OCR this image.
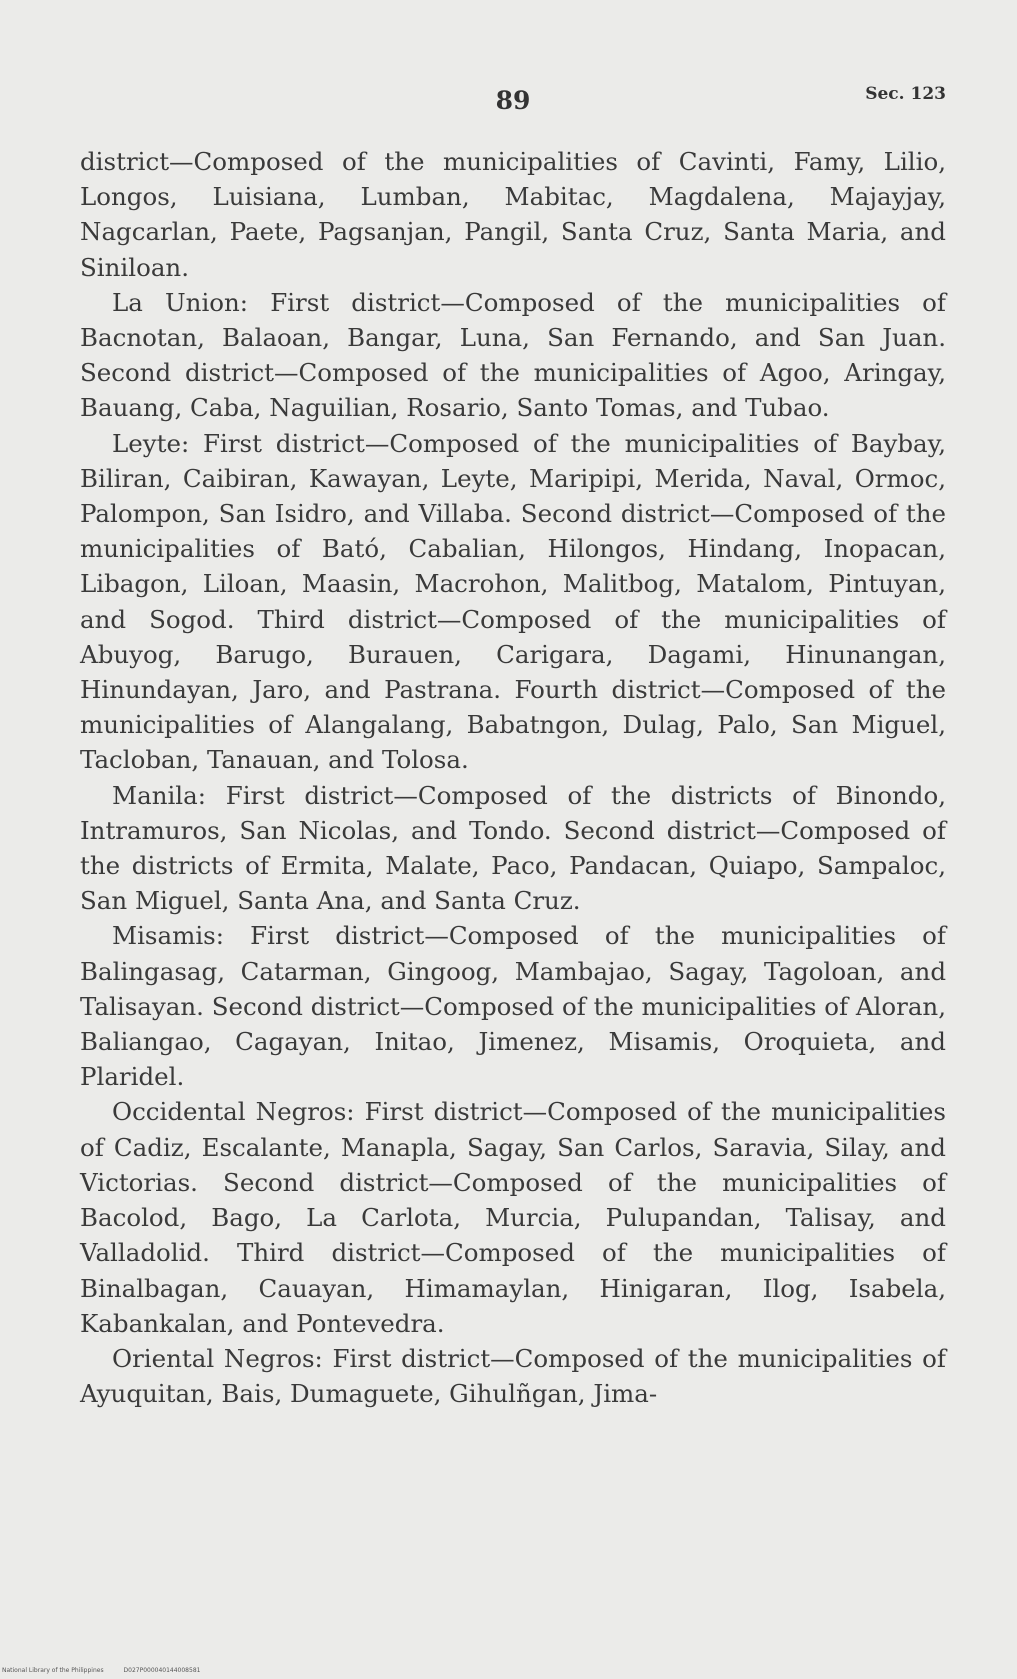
89	Sec. 123

district—Composed of the municipalities of Cavinti, Famy, Lilio, Longos, Luisiana, Lumban, Mabitac, Magdalena, Majayjay, Nagcarlan, Paete, Pagsanjan, Pangil, Santa Cruz, Santa Maria, and Siniloan.

La Union: First district—Composed of the municipalities of Bacnotan, Balaoan, Bangar, Luna, San Fernando, and San Juan. Second district—Composed of the municipalities of Agoo, Aringay, Bauang, Caba, Naguilian, Rosario, Santo Tomas, and Tubao.

Leyte: First district—Composed of the municipalities of Baybay, Biliran, Caibiran, Kawayan, Leyte, Maripipi, Merida, Naval, Ormoc, Palompon, San Isidro, and Villaba. Second district—Composed of the municipalities of Bató, Cabalian, Hilongos, Hindang, Inopacan, Libagon, Liloan, Maasin, Macrohon, Malitbog, Matalom, Pintuyan, and Sogod. Third district—Composed of the municipalities of Abuyog, Barugo, Burauen, Carigara, Dagami, Hinunangan, Hinundayan, Jaro, and Pastrana. Fourth district—Composed of the municipalities of Alangalang, Babatngon, Dulag, Palo, San Miguel, Tacloban, Tanauan, and Tolosa.

Manila: First district—Composed of the districts of Binondo, Intramuros, San Nicolas, and Tondo. Second district—Composed of the districts of Ermita, Malate, Paco, Pandacan, Quiapo, Sampaloc, San Miguel, Santa Ana, and Santa Cruz.

Misamis: First district—Composed of the municipalities of Balingasag, Catarman, Gingoog, Mambajao, Sagay, Tagoloan, and Talisayan. Second district—Composed of the municipalities of Aloran, Baliangao, Cagayan, Initao, Jimenez, Misamis, Oroquieta, and Plaridel.

Occidental Negros: First district—Composed of the municipalities of Cadiz, Escalante, Manapla, Sagay, San Carlos, Saravia, Silay, and Victorias. Second district—Composed of the municipalities of Bacolod, Bago, La Carlota, Murcia, Pulupandan, Talisay, and Valladolid. Third district—Composed of the municipalities of Binalbagan, Cauayan, Himamaylan, Hinigaran, Ilog, Isabela, Kabankalan, and Pontevedra.

Oriental Negros: First district—Composed of the municipalities of Ayuquitan, Bais, Dumaguete, Gihulñgan, Jima-

National Library of the Philippines	D027P000040144008581
